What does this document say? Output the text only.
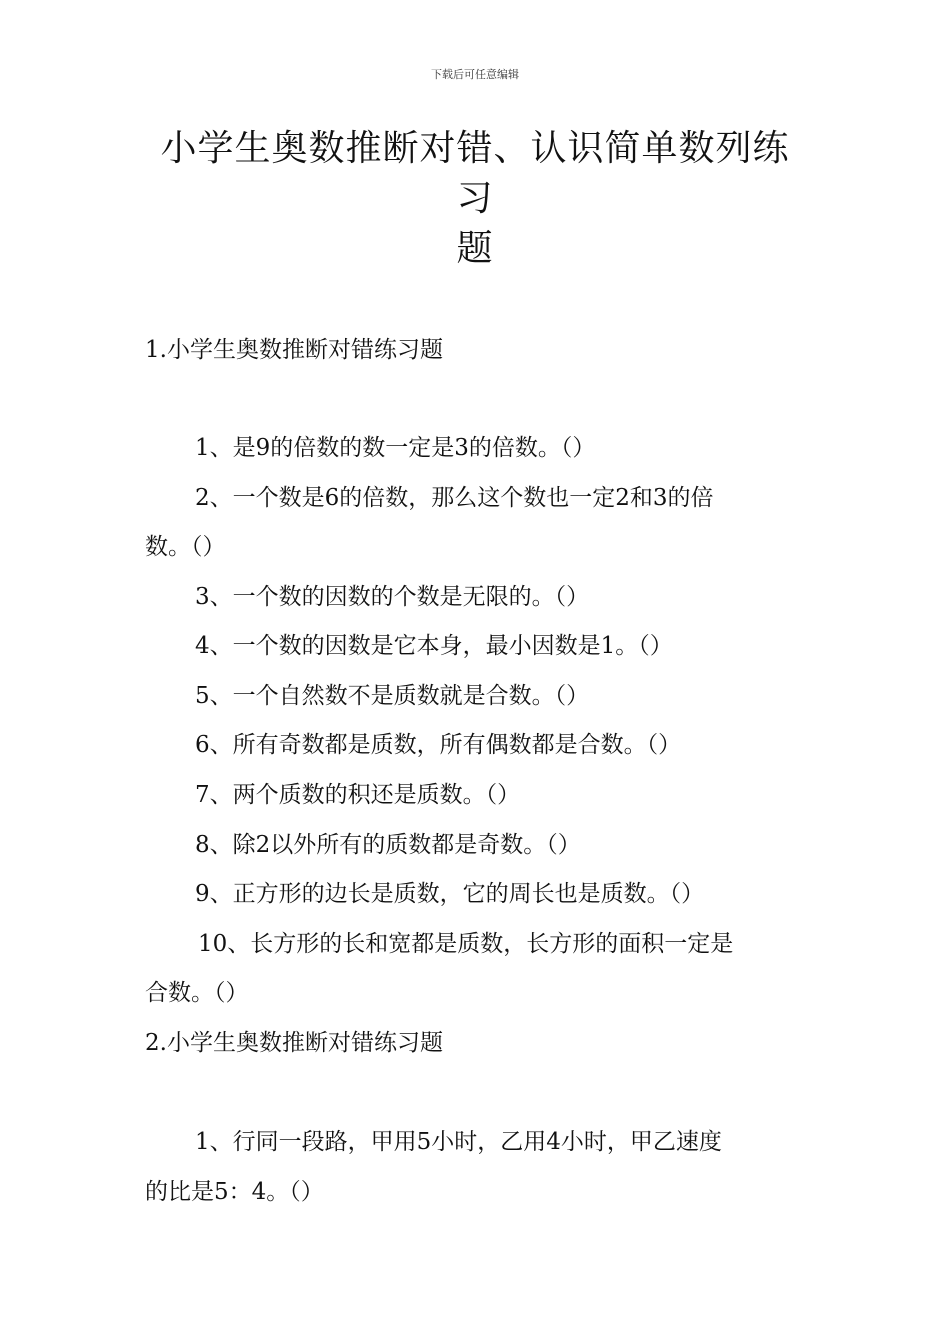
下载后可任意编辑
小学生奥数推断对错、认识简单数列练习
题

1.小学生奥数推断对错练习题

1、是9的倍数的数一定是3的倍数。（）

2、一个数是6的倍数，那么这个数也一定2和3的倍

数。（）

3、一个数的因数的个数是无限的。（）

4、一个数的因数是它本身，最小因数是1。（）

5、一个自然数不是质数就是合数。（）

6、所有奇数都是质数，所有偶数都是合数。（）

7、两个质数的积还是质数。（）

8、除2以外所有的质数都是奇数。（）

9、正方形的边长是质数，它的周长也是质数。（）

10、长方形的长和宽都是质数，长方形的面积一定是

合数。（）

2.小学生奥数推断对错练习题

1、行同一段路，甲用5小时，乙用4小时，甲乙速度

的比是5：4。（）
